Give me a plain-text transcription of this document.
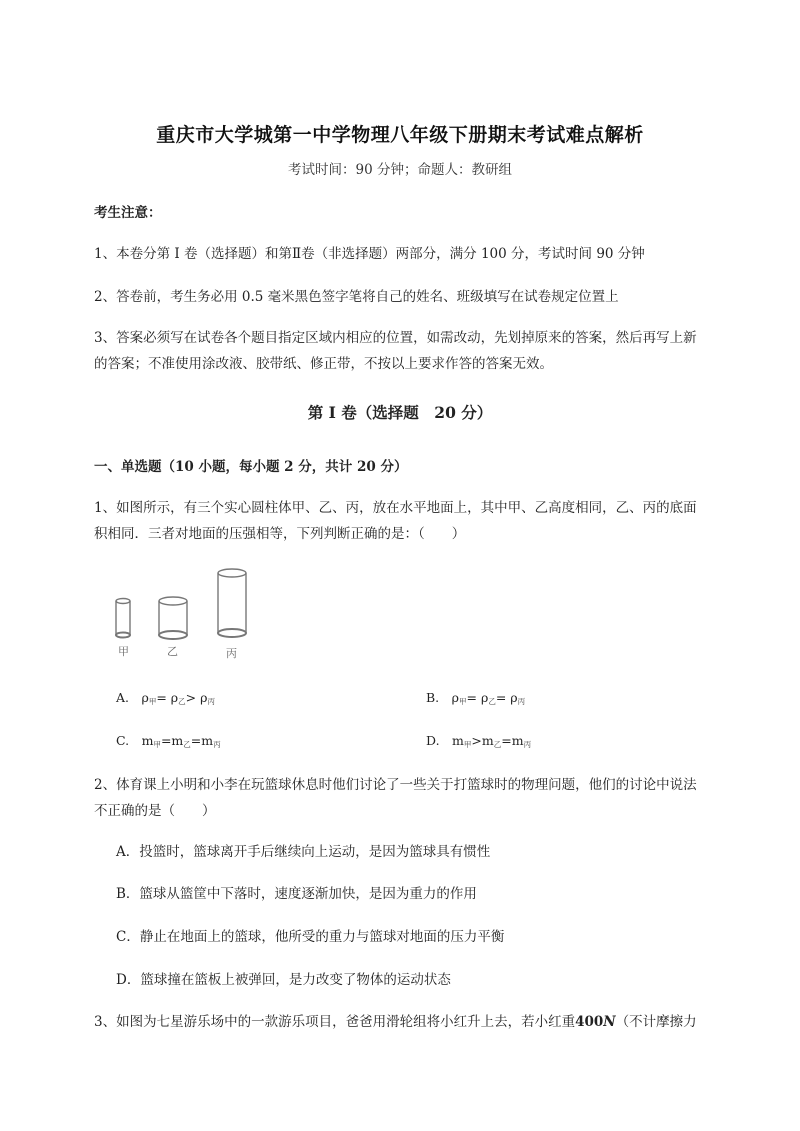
重庆市大学城第一中学物理八年级下册期末考试难点解析
考试时间：90 分钟；命题人：教研组
考生注意：
1、本卷分第 I 卷（选择题）和第Ⅱ卷（非选择题）两部分，满分 100 分，考试时间 90 分钟
2、答卷前，考生务必用 0.5 毫米黑色签字笔将自己的姓名、班级填写在试卷规定位置上
3、答案必须写在试卷各个题目指定区域内相应的位置，如需改动，先划掉原来的答案，然后再写上新
的答案；不准使用涂改液、胶带纸、修正带，不按以上要求作答的答案无效。
第 I 卷（选择题　20 分）
一、单选题（10 小题，每小题 2 分，共计 20 分）
1、如图所示，有三个实心圆柱体甲、乙、丙，放在水平地面上，其中甲、乙高度相同，乙、丙的底面
积相同．三者对地面的压强相等，下列判断正确的是：（　　）
甲	乙	丙
A.　$\rho_甲= \rho_乙> \rho_丙$	B.　$\rho_甲= \rho_乙= \rho_丙$
C.　$m_甲=m_乙=m_丙$	D.　$m_甲>m_乙=m_丙$
2、体育课上小明和小李在玩篮球休息时他们讨论了一些关于打篮球时的物理问题，他们的讨论中说法
不正确的是（　　）
A．投篮时，篮球离开手后继续向上运动，是因为篮球具有惯性
B．篮球从篮筐中下落时，速度逐渐加快，是因为重力的作用
C．静止在地面上的篮球，他所受的重力与篮球对地面的压力平衡
D．篮球撞在篮板上被弹回，是力改变了物体的运动状态
3、如图为七星游乐场中的一款游乐项目，爸爸用滑轮组将小红升上去，若小红重400N（不计摩擦力
